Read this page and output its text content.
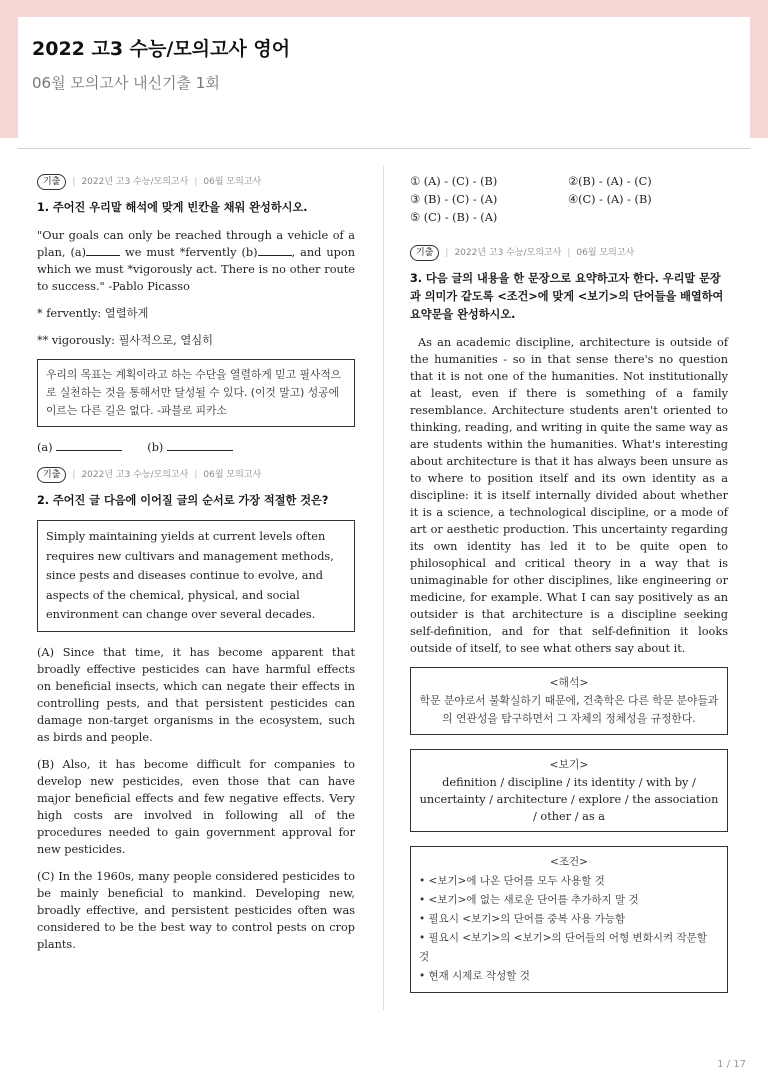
2022 고3 수능/모의고사 영어
06월 모의고사 내신기출 1회
기출	| 2022년 고3 수능/모의고사 | 06월 모의고사
1. 주어진 우리말 해석에 맞게 빈칸을 채워 완성하시오.

"Our goals can only be reached through a vehicle of a plan, (a)	we must *fervently (b)	, and upon which we must *vigorously act. There is no other route to success." -Pablo Picasso

* fervently: 열렬하게

** vigorously: 필사적으로, 열심히

우리의 목표는 계획이라고 하는 수단을 열렬하게 믿고 필사적으로 실천하는 것을 통해서만 달성될 수 있다. (이것 말고) 성공에 이르는 다른 길은 없다. -파블로 피카소

(a)	(b)

기출	| 2022년 고3 수능/모의고사 | 06월 모의고사
2. 주어진 글 다음에 이어질 글의 순서로 가장 적절한 것은?
Simply maintaining yields at current levels often requires new cultivars and management methods, since pests and diseases continue to evolve, and aspects of the chemical, physical, and social environment can change over several decades.

(A) Since that time, it has become apparent that broadly effective pesticides can have harmful effects on beneficial insects, which can negate their effects in controlling pests, and that persistent pesticides can damage non-target organisms in the ecosystem, such as birds and people.

(B) Also, it has become difficult for companies to develop new pesticides, even those that can have major beneficial effects and few negative effects. Very high costs are involved in following all of the procedures needed to gain government approval for new pesticides.

(C) In the 1960s, many people considered pesticides to be mainly beneficial to mankind. Developing new, broadly effective, and persistent pesticides often was considered to be the best way to control pests on crop plants.

① (A) - (C) - (B)	②(B) - (A) - (C)
③ (B) - (C) - (A)	④(C) - (A) - (B)
⑤ (C) - (B) - (A)
기출	| 2022년 고3 수능/모의고사 | 06월 모의고사
3. 다음 글의 내용을 한 문장으로 요약하고자 한다. 우리말 문장과 의미가 같도록 <조건>에 맞게 <보기>의 단어들을 배열하여 요약문을 완성하시오.

As an academic discipline, architecture is outside of the humanities - so in that sense there's no question that it is not one of the humanities. Not institutionally at least, even if there is something of a family resemblance. Architecture students aren't oriented to thinking, reading, and writing in quite the same way as are students within the humanities. What's interesting about architecture is that it has always been unsure as to where to position itself and its own identity as a discipline: it is itself internally divided about whether it is a science, a technological discipline, or a mode of art or aesthetic production. This uncertainty regarding its own identity has led it to be quite open to philosophical and critical theory in a way that is unimaginable for other disciplines, like engineering or medicine, for example. What I can say positively as an outsider is that architecture is a discipline seeking self-definition, and for that self-definition it looks outside of itself, to see what others say about it.

<해석>
학문 분야로서 불확실하기 때문에, 건축학은 다른 학문 분야들과의 연관성을 탐구하면서 그 자체의 정체성을 규정한다.
<보기>
definition / discipline / its identity / with by / uncertainty / architecture / explore / the association / other / as a
<조건>
• <보기>에 나온 단어를 모두 사용할 것
• <보기>에 없는 새로운 단어를 추가하지 말 것
• 필요시 <보기>의 단어를 중복 사용 가능함
• 필요시 <보기>의 <보기>의 단어들의 어형 변화시켜 작문할 것
• 현재 시제로 작성할 것
1 / 17
